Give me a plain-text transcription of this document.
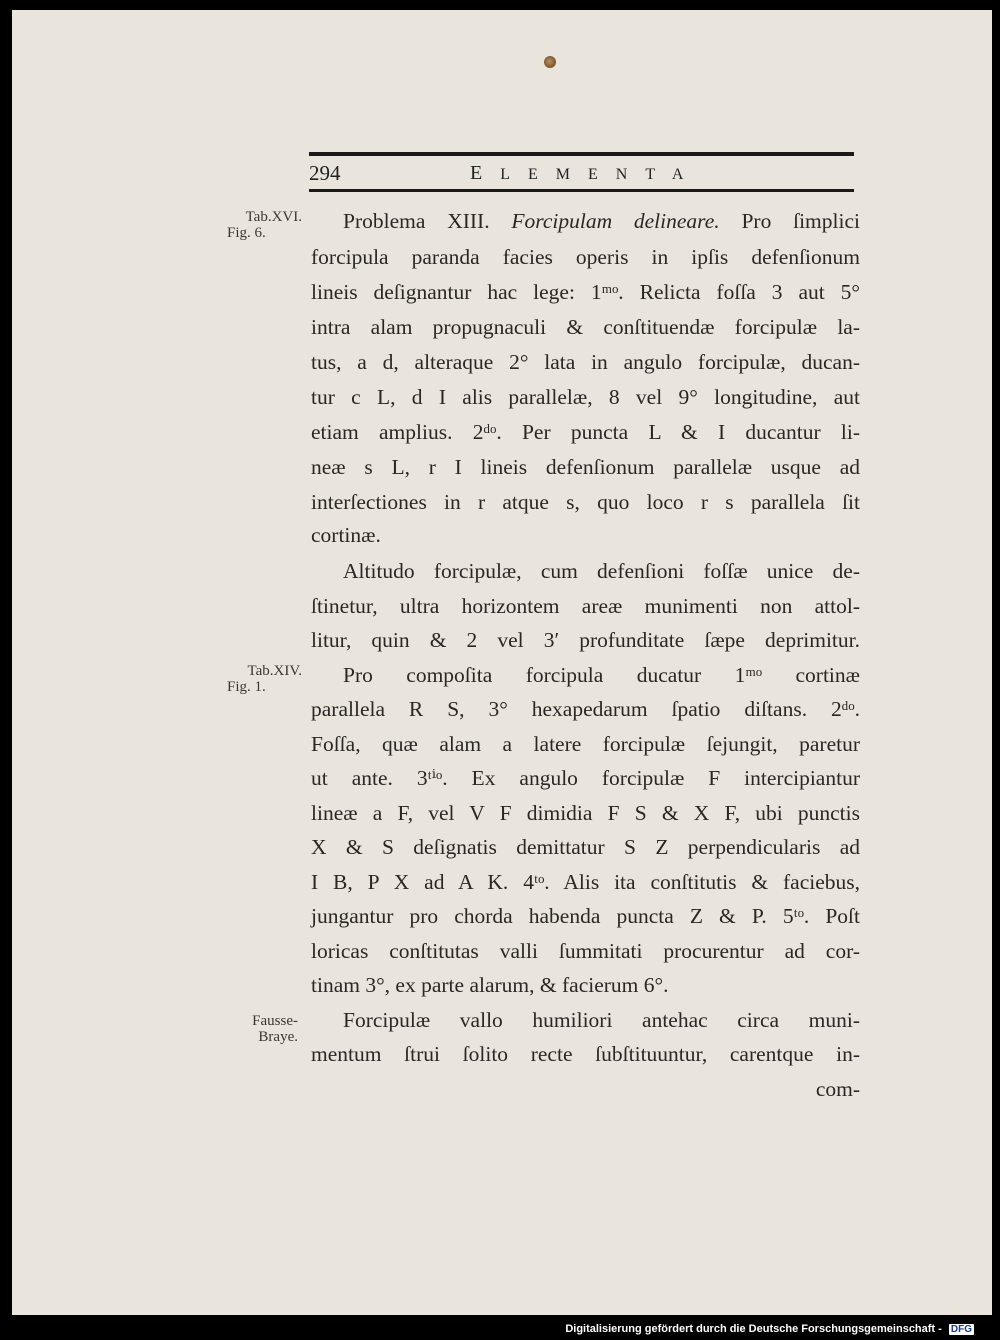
294	ELEMENTA
Tab.XVI.
Fig. 6.
Tab.XIV.
Fig. 1.
Fausse-
Braye.
Problema XIII. Forcipulam delineare. Pro ſimplici
forcipula paranda facies operis in ipſis defenſionum
lineis deſignantur hac lege: 1ᵐᵒ. Relicta foſſa 3 aut 5°
intra alam propugnaculi & conſtituendæ forcipulæ la-
tus, a d, alteraque 2° lata in angulo forcipulæ, ducan-
tur c L, d I alis parallelæ, 8 vel 9° longitudine, aut
etiam amplius. 2ᵈᵒ. Per puncta L & I ducantur li-
neæ s L, r I lineis defenſionum parallelæ usque ad
interſectiones in r atque s, quo loco r s parallela ſit
cortinæ.
Altitudo forcipulæ, cum defenſioni foſſæ unice de-
ſtinetur, ultra horizontem areæ munimenti non attol-
litur, quin & 2 vel 3′ profunditate ſæpe deprimitur.
Pro compoſita forcipula ducatur 1ᵐᵒ cortinæ
parallela R S, 3° hexapedarum ſpatio diſtans. 2ᵈᵒ.
Foſſa, quæ alam a latere forcipulæ ſejungit, paretur
ut ante. 3ᵗⁱᵒ. Ex angulo forcipulæ F intercipiantur
lineæ a F, vel V F dimidia F S & X F, ubi punctis
X & S deſignatis demittatur S Z perpendicularis ad
I B, P X ad A K. 4ᵗᵒ. Alis ita conſtitutis & faciebus,
jungantur pro chorda habenda puncta Z & P. 5ᵗᵒ. Poſt
loricas conſtitutas valli ſummitati procurentur ad cor-
tinam 3°, ex parte alarum, & facierum 6°.
Forcipulæ vallo humiliori antehac circa muni-
mentum ſtrui ſolito recte ſubſtituuntur, carentque in-
com-
Digitalisierung gefördert durch die Deutsche Forschungsgemeinschaft - DFG
